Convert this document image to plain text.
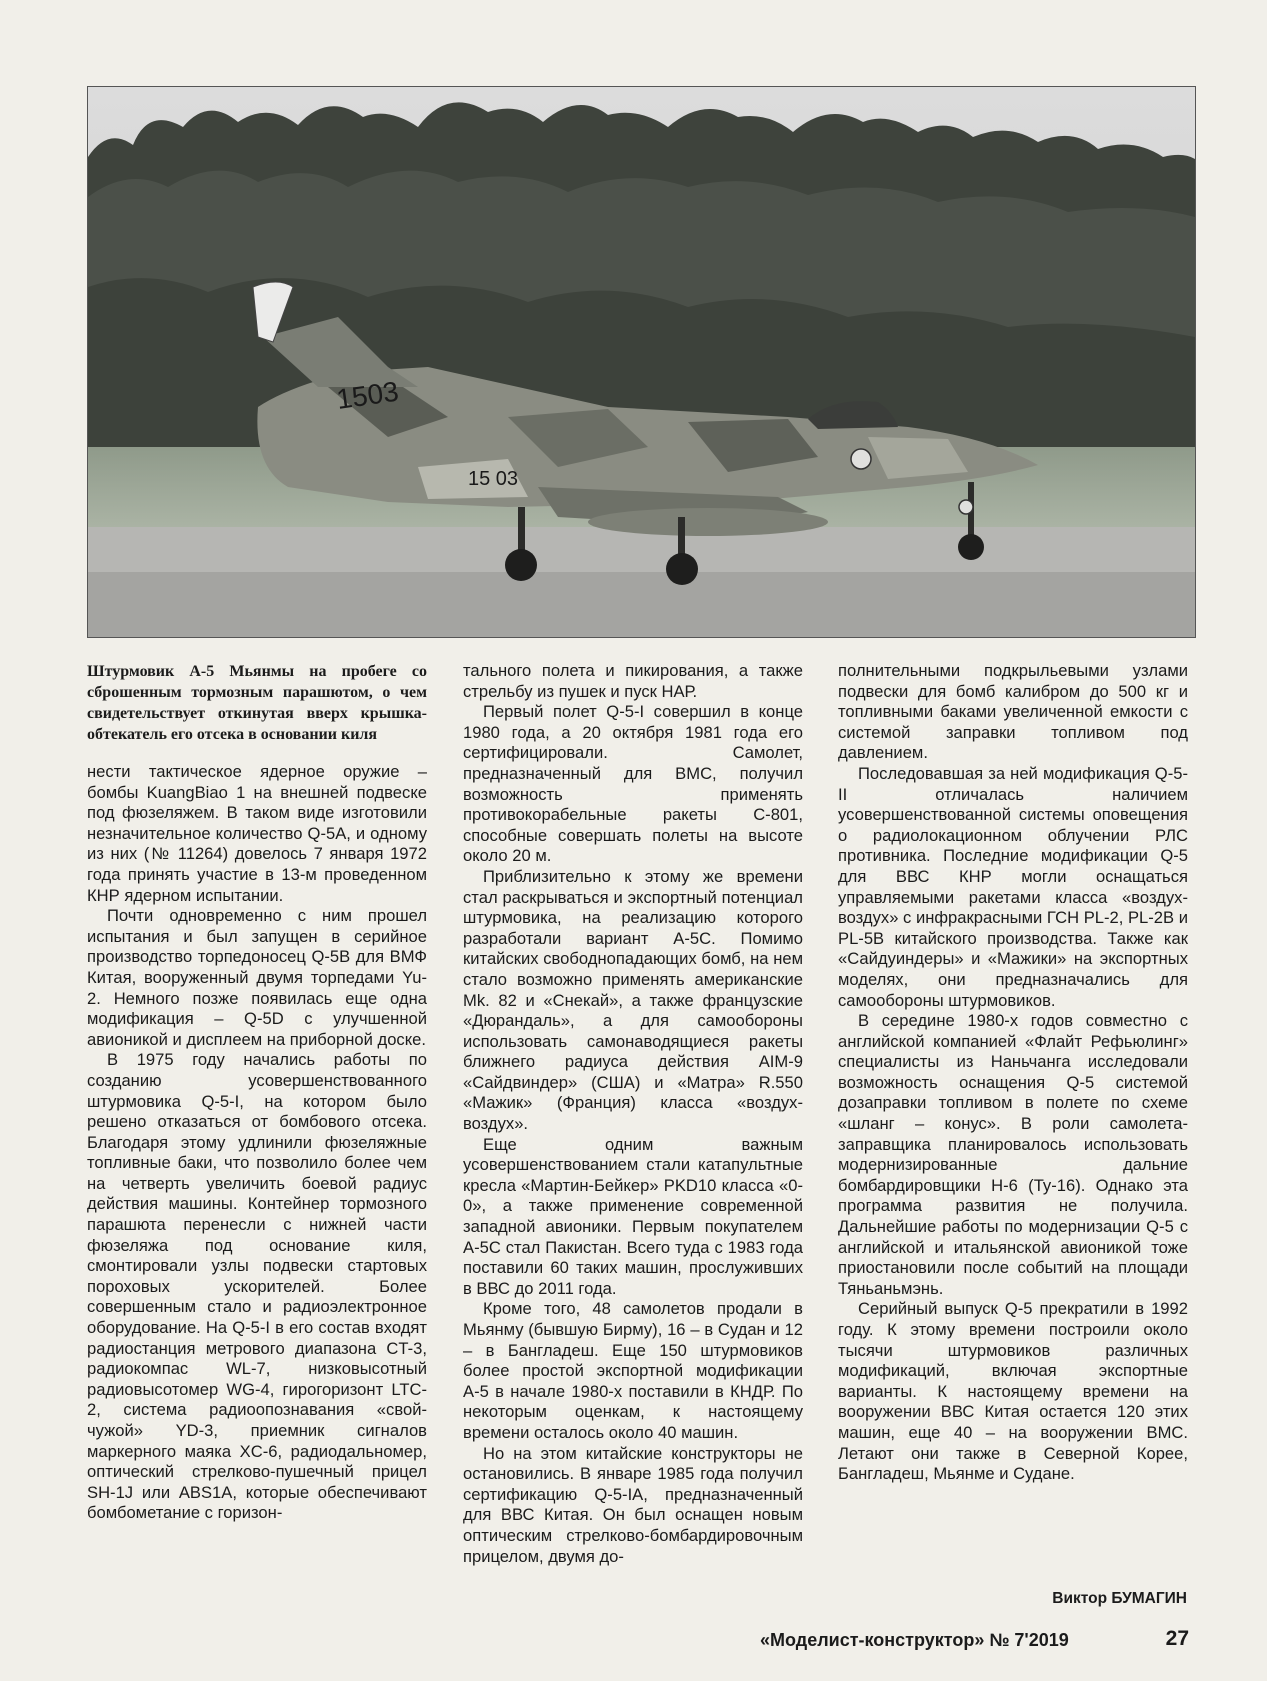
1503
15 03

Штурмовик А-5 Мьянмы на пробеге со сброшенным тормозным парашютом, о чем свидетельствует откинутая вверх крышка-обтекатель его отсека в основании киля

нести тактическое ядерное оружие – бомбы KuangBiao 1 на внешней подвеске под фюзеляжем. В таком виде изготовили незначительное количество Q-5A, и одному из них (№ 11264) довелось 7 января 1972 года принять участие в 13-м проведенном КНР ядерном испытании.

Почти одновременно с ним прошел испытания и был запущен в серийное производство торпедоносец Q-5B для ВМФ Китая, вооруженный двумя торпедами Yu-2. Немного позже появилась еще одна модификация – Q-5D с улучшенной авионикой и дисплеем на приборной доске.

В 1975 году начались работы по созданию усовершенствованного штурмовика Q-5-I, на котором было решено отказаться от бомбового отсека. Благодаря этому удлинили фюзеляжные топливные баки, что позволило более чем на четверть увеличить боевой радиус действия машины. Контейнер тормозного парашюта перенесли с нижней части фюзеляжа под основание киля, смонтировали узлы подвески стартовых пороховых ускорителей. Более совершенным стало и радиоэлектронное оборудование. На Q-5-I в его состав входят радиостанция метрового диапазона CT-3, радиокомпас WL-7, низковысотный радиовысотомер WG-4, гирогоризонт LTC-2, система радиоопознавания «свой-чужой» YD-3, приемник сигналов маркерного маяка XC-6, радиодальномер, оптический стрелково-пушечный прицел SH-1J или ABS1A, которые обеспечивают бомбометание с горизон-

тального полета и пикирования, а также стрельбу из пушек и пуск НАР.

Первый полет Q-5-I совершил в конце 1980 года, а 20 октября 1981 года его сертифицировали. Самолет, предназначенный для ВМС, получил возможность применять противокорабельные ракеты C-801, способные совершать полеты на высоте около 20 м.

Приблизительно к этому же времени стал раскрываться и экспортный потенциал штурмовика, на реализацию которого разработали вариант А-5С. Помимо китайских свободнопадающих бомб, на нем стало возможно применять американские Mk. 82 и «Снекай», а также французские «Дюрандаль», а для самообороны использовать самонаводящиеся ракеты ближнего радиуса действия AIM-9 «Сайдвиндер» (США) и «Матра» R.550 «Мажик» (Франция) класса «воздух-воздух».

Еще одним важным усовершенствованием стали катапультные кресла «Мартин-Бейкер» PKD10 класса «0-0», а также применение современной западной авионики. Первым покупателем А-5С стал Пакистан. Всего туда с 1983 года поставили 60 таких машин, прослуживших в ВВС до 2011 года.

Кроме того, 48 самолетов продали в Мьянму (бывшую Бирму), 16 – в Судан и 12 – в Бангладеш. Еще 150 штурмовиков более простой экспортной модификации А-5 в начале 1980-х поставили в КНДР. По некоторым оценкам, к настоящему времени осталось около 40 машин.

Но на этом китайские конструкторы не остановились. В январе 1985 года получил сертификацию Q-5-IA, предназначенный для ВВС Китая. Он был оснащен новым оптическим стрелково-бомбардировочным прицелом, двумя до-

полнительными подкрыльевыми узлами подвески для бомб калибром до 500 кг и топливными баками увеличенной емкости с системой заправки топливом под давлением.

Последовавшая за ней модификация Q-5-II отличалась наличием усовершенствованной системы оповещения о радиолокационном облучении РЛС противника. Последние модификации Q-5 для ВВС КНР могли оснащаться управляемыми ракетами класса «воздух-воздух» с инфракрасными ГСН PL-2, PL-2B и PL-5B китайского производства. Также как «Сайдуиндеры» и «Мажики» на экспортных моделях, они предназначались для самообороны штурмовиков.

В середине 1980-х годов совместно с английской компанией «Флайт Рефьюлинг» специалисты из Наньчанга исследовали возможность оснащения Q-5 системой дозаправки топливом в полете по схеме «шланг – конус». В роли самолета-заправщика планировалось использовать модернизированные дальние бомбардировщики H-6 (Ту-16). Однако эта программа развития не получила. Дальнейшие работы по модернизации Q-5 с английской и итальянской авионикой тоже приостановили после событий на площади Тяньаньмэнь.

Серийный выпуск Q-5 прекратили в 1992 году. К этому времени построили около тысячи штурмовиков различных модификаций, включая экспортные варианты. К настоящему времени на вооружении ВВС Китая остается 120 этих машин, еще 40 – на вооружении ВМС. Летают они также в Северной Корее, Бангладеш, Мьянме и Судане.

Виктор БУМАГИН
«Моделист-конструктор» № 7'2019	27
